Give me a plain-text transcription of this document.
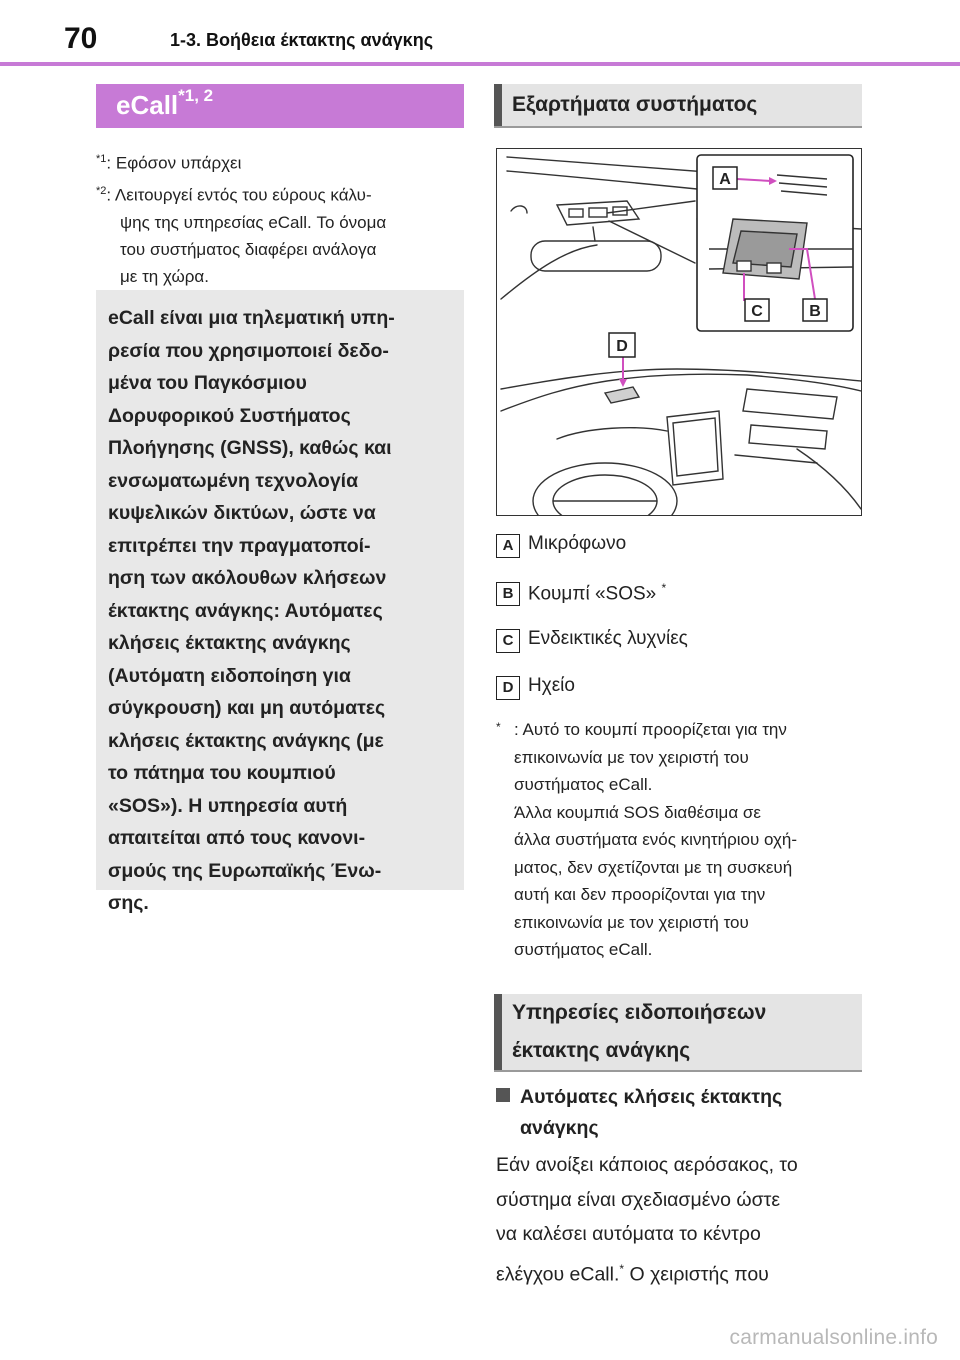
70	1-3. Βοήθεια έκτακτης ανάγκης
eCall$^{*1, 2}$
$^{*1}$: Εφόσον υπάρχει
$^{*2}$: Λειτουργεί εντός του εύρους κάλυ-
ψης της υπηρεσίας eCall. Το όνομα
του συστήματος διαφέρει ανάλογα
με τη χώρα.

eCall είναι μια τηλεματική υπη-
ρεσία που χρησιμοποιεί δεδο-
μένα του Παγκόσμιου
Δορυφορικού Συστήματος
Πλοήγησης (GNSS), καθώς και
ενσωματωμένη τεχνολογία
κυψελικών δικτύων, ώστε να
επιτρέπει την πραγματοποί-
ηση των ακόλουθων κλήσεων
έκτακτης ανάγκης: Αυτόματες
κλήσεις έκτακτης ανάγκης
(Αυτόματη ειδοποίηση για
σύγκρουση) και μη αυτόματες
κλήσεις έκτακτης ανάγκης (με
το πάτημα του κουμπιού
«SOS»). Η υπηρεσία αυτή
απαιτείται από τους κανονι-
σμούς της Ευρωπαϊκής Ένω-
σης.

Εξαρτήματα συστήματος
A
C	B
D
A Μικρόφωνο
B Κουμπί «SOS» *
C Ενδεικτικές λυχνίες
D Ηχείο
* : Αυτό το κουμπί προορίζεται για την
επικοινωνία με τον χειριστή του
συστήματος eCall.
Άλλα κουμπιά SOS διαθέσιμα σε
άλλα συστήματα ενός κινητήριου οχή-
ματος, δεν σχετίζονται με τη συσκευή
αυτή και δεν προορίζονται για την
επικοινωνία με τον χειριστή του
συστήματος eCall.
Υπηρεσίες ειδοποιήσεων
έκτακτης ανάγκης
Αυτόματες κλήσεις έκτακτης
ανάγκης
Εάν ανοίξει κάποιος αερόσακος, το
σύστημα είναι σχεδιασμένο ώστε
να καλέσει αυτόματα το κέντρο
ελέγχου eCall.* Ο χειριστής που
carmanualsonline.info
